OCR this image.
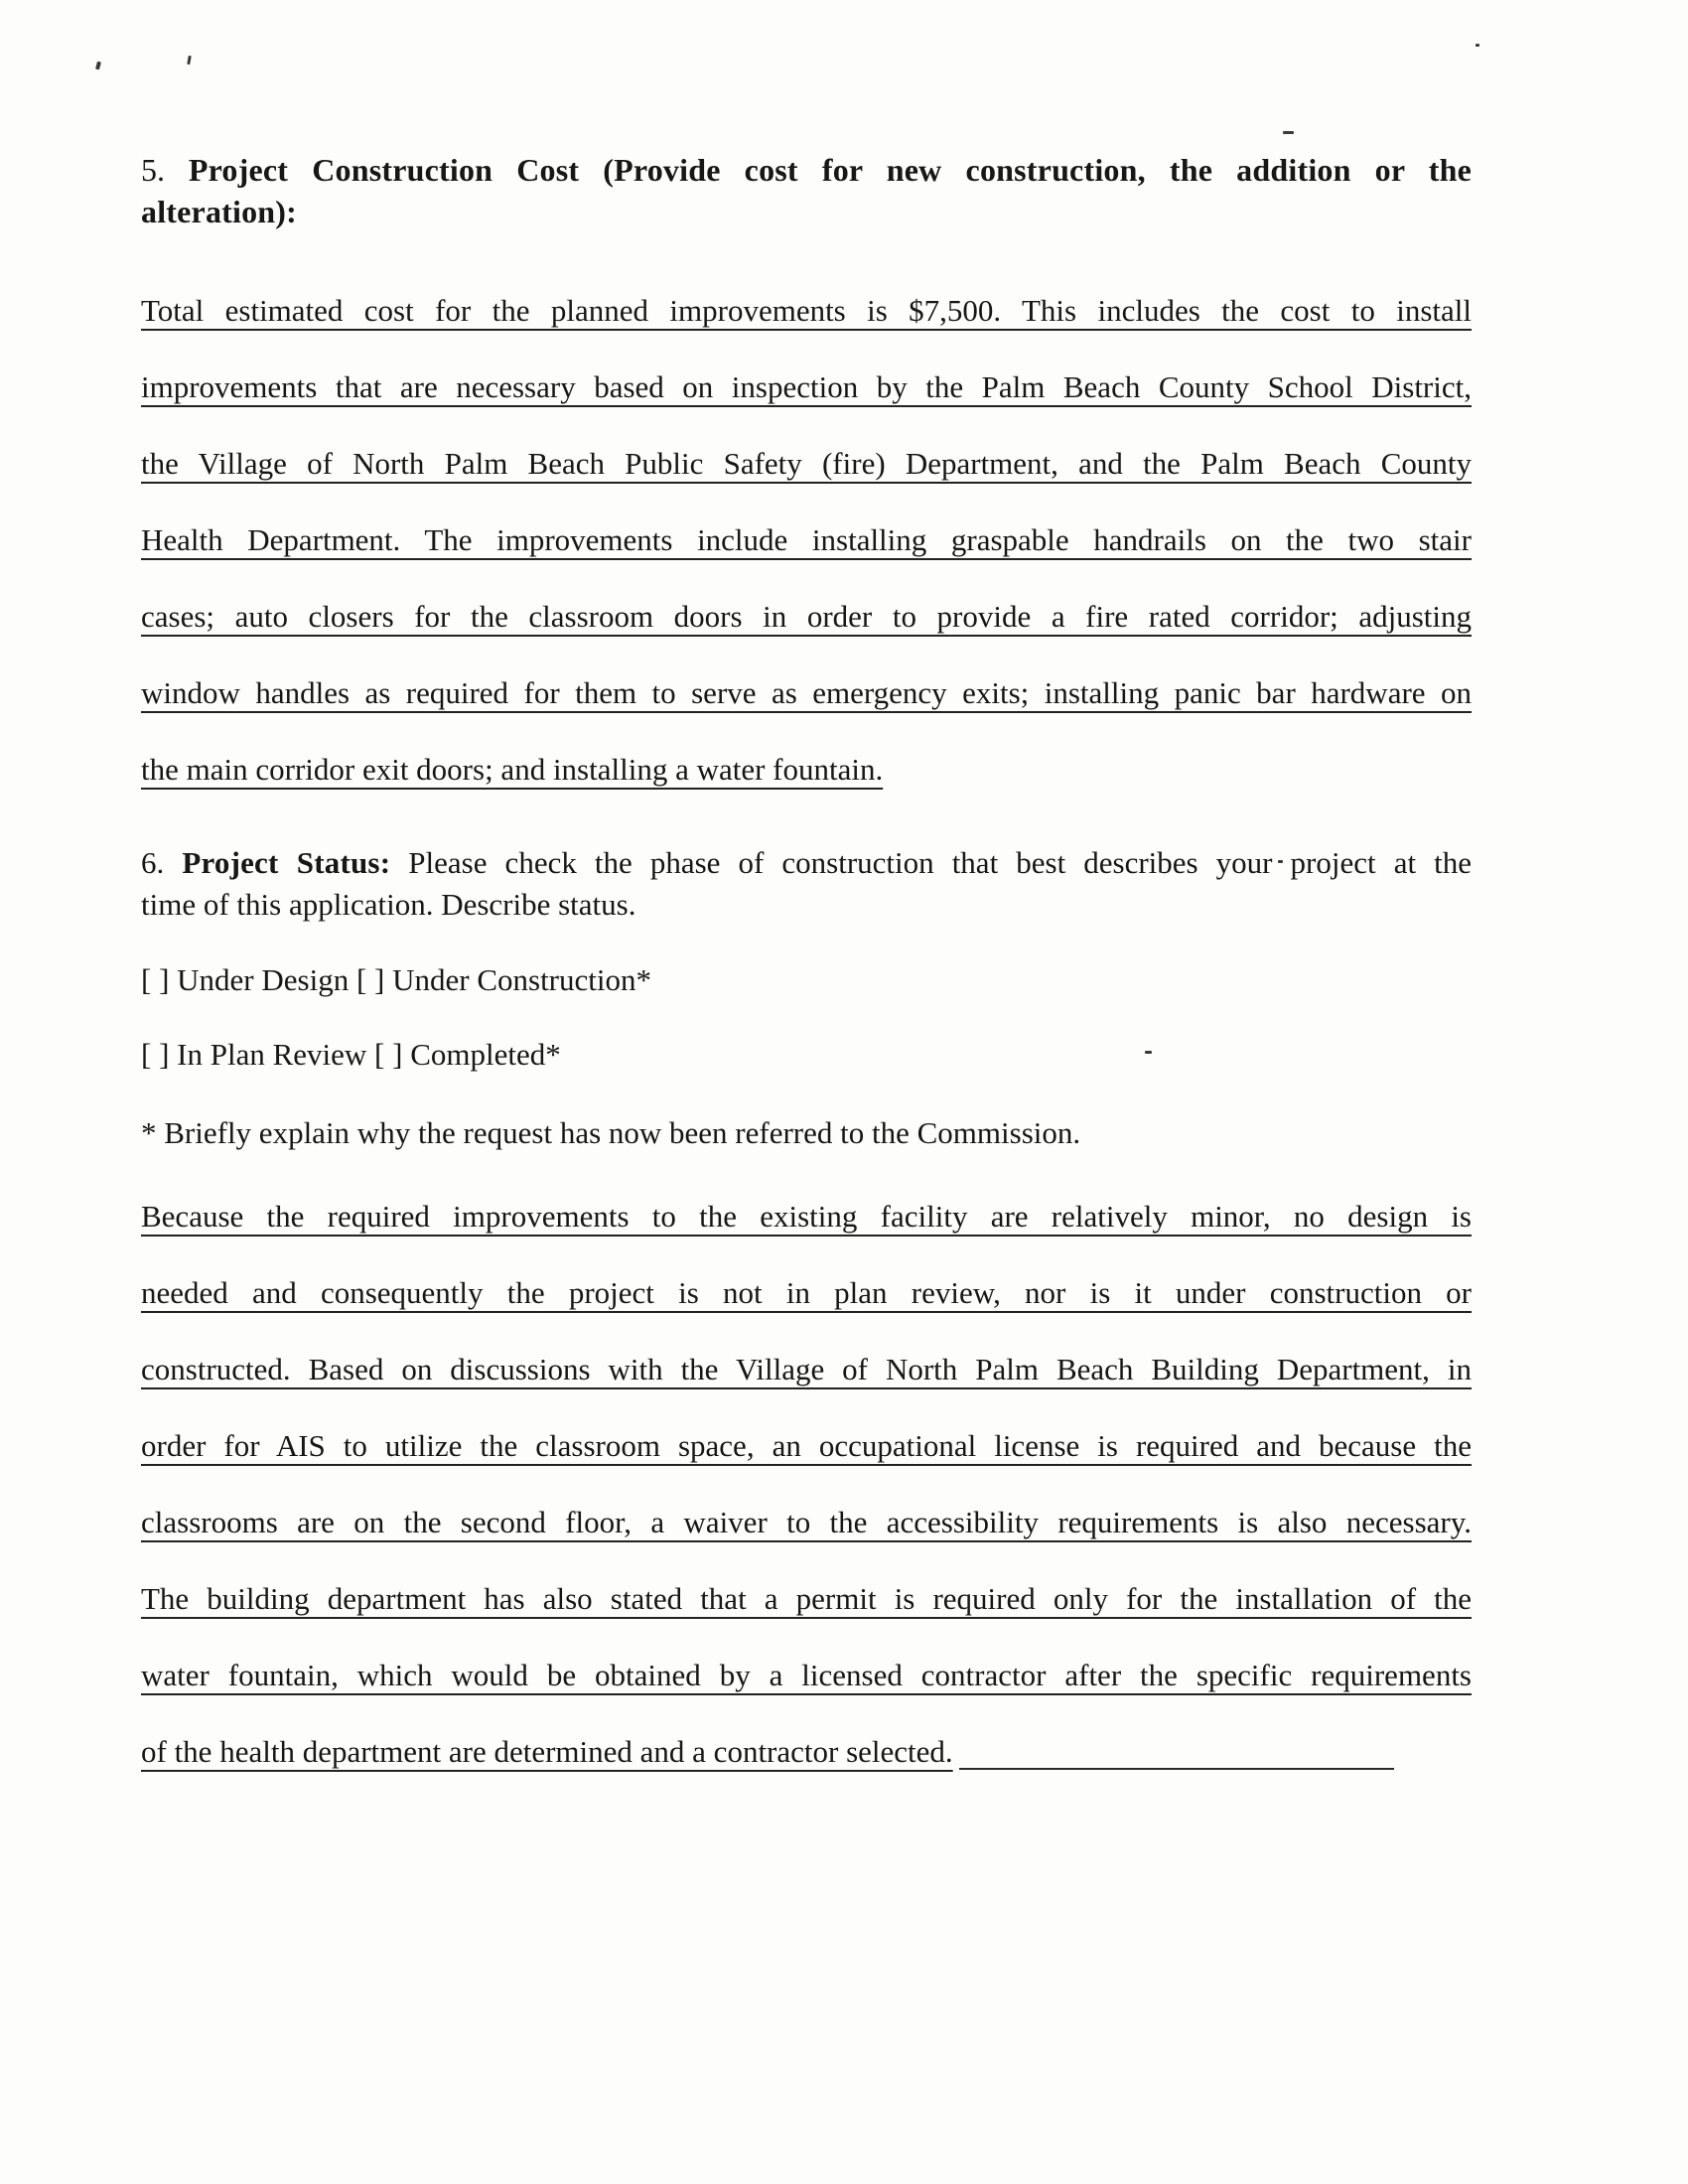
5. Project Construction Cost (Provide cost for new construction, the addition or the
alteration):
Total estimated cost for the planned improvements is $7,500. This includes the cost to install
improvements that are necessary based on inspection by the Palm Beach County School District,
the Village of North Palm Beach Public Safety (fire) Department, and the Palm Beach County
Health Department. The improvements include installing graspable handrails on the two stair
cases; auto closers for the classroom doors in order to provide a fire rated corridor; adjusting
window handles as required for them to serve as emergency exits; installing panic bar hardware on
the main corridor exit doors; and installing a water fountain.
6. Project Status: Please check the phase of construction that best describes your project at the
time of this application. Describe status.
[ ] Under Design [ ] Under Construction*
[ ] In Plan Review [ ] Completed*
* Briefly explain why the request has now been referred to the Commission.
Because the required improvements to the existing facility are relatively minor, no design is
needed and consequently the project is not in plan review, nor is it under construction or
constructed. Based on discussions with the Village of North Palm Beach Building Department, in
order for AIS to utilize the classroom space, an occupational license is required and because the
classrooms are on the second floor, a waiver to the accessibility requirements is also necessary.
The building department has also stated that a permit is required only for the installation of the
water fountain, which would be obtained by a licensed contractor after the specific requirements
of the health department are determined and a contractor selected.
